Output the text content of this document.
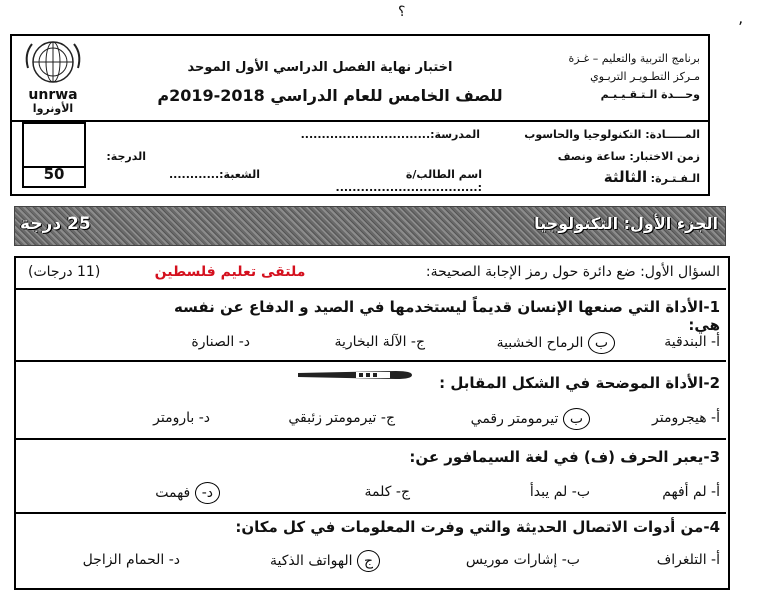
؟
٬
unrwa
الأونروا
اختبار نهاية الفصل الدراسي الأول الموحد
للصف الخامس للعام الدراسي 2018-2019م
برنامج التربية والتعليم – غـزة
مـركز التطـويـر التربـوي
وحـــدة الـتـقـيـيـم
50
المـــــادة: التكنولوجيا والحاسوب
المدرسة:...............................
زمن الاختبار: ساعة ونصف
الدرجة:
الـفـتـرة: الثالثة
اسم الطالب/ة :..................................
الشعبة:............
الجزء الأول: التكنولوجيا
25 درجة
السؤال الأول: ضع دائرة حول رمز الإجابة الصحيحة:
ملتقى تعليم فلسطين
(11 درجات)
1-الأداة التي صنعها الإنسان قديماً ليستخدمها في الصيد و الدفاع عن نفسه هي:
أ- البندقية
ب الرماح الخشبية
ج- الآلة البخارية
د- الصنارة
2-الأداة الموضحة في الشكل المقابل :
أ- هيجرومتر
ب تيرمومتر رقمي
ج- تيرمومتر زئبقي
د- بارومتر
3-يعبر الحرف (ف) في لغة السيمافور عن:
أ- لم أفهم
ب- لم يبدأ
ج- كلمة
د- فهمت
4-من أدوات الاتصال الحديثة والتي وفرت المعلومات في كل مكان:
أ- التلغراف
ب- إشارات موريس
ج الهواتف الذكية
د- الحمام الزاجل
